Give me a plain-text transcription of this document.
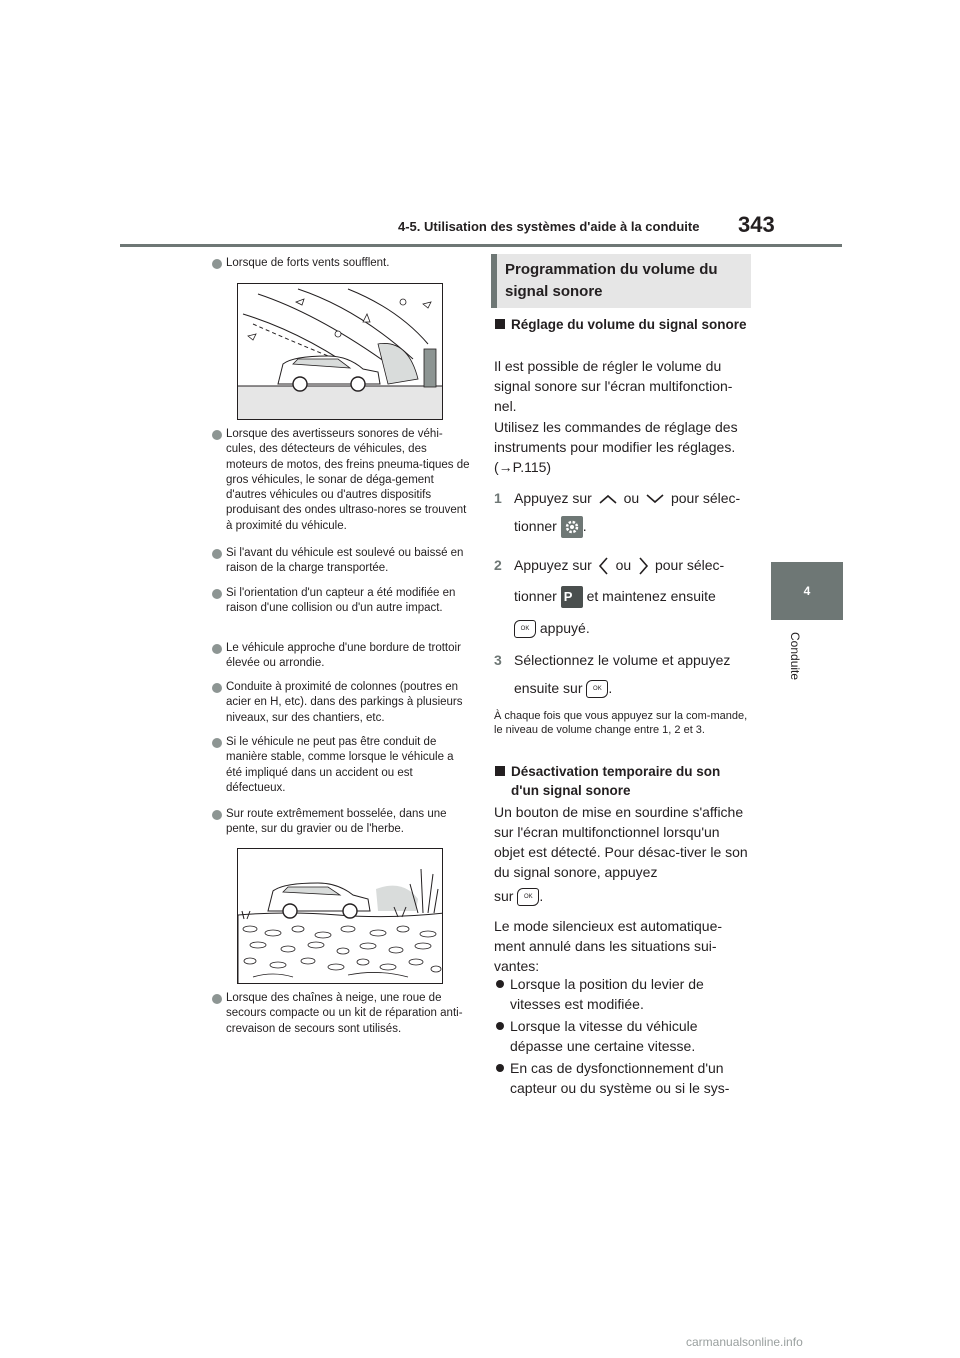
4-5. Utilisation des systèmes d'aide à la conduite 343
4
Conduite
Lorsque de forts vents soufflent.
Lorsque des avertisseurs sonores de véhi-cules, des détecteurs de véhicules, des moteurs de motos, des freins pneuma-tiques de gros véhicules, le sonar de déga-gement d'autres véhicules ou d'autres dispositifs produisant des ondes ultraso-nores se trouvent à proximité du véhicule.
Si l'avant du véhicule est soulevé ou baissé en raison de la charge transportée.
Si l'orientation d'un capteur a été modifiée en raison d'une collision ou d'un autre impact.
Le véhicule approche d'une bordure de trottoir élevée ou arrondie.
Conduite à proximité de colonnes (poutres en acier en H, etc). dans des parkings à plusieurs niveaux, sur des chantiers, etc.
Si le véhicule ne peut pas être conduit de manière stable, comme lorsque le véhicule a été impliqué dans un accident ou est défectueux.
Sur route extrêmement bosselée, dans une pente, sur du gravier ou de l'herbe.
Lorsque des chaînes à neige, une roue de secours compacte ou un kit de réparation anti-crevaison de secours sont utilisés.
Programmation du volume du
signal sonore
Réglage du volume du signal sonore
Il est possible de régler le volume du signal sonore sur l'écran multifonction-nel.
Utilisez les commandes de réglage des instruments pour modifier les réglages. (→P.115)
1 Appuyez sur ou pour sélec-
tionner .
2 Appuyez sur ou pour sélec-
tionner P et maintenez ensuite
OK appuyé.
3 Sélectionnez le volume et appuyez
ensuite sur OK .
À chaque fois que vous appuyez sur la com-mande, le niveau de volume change entre 1, 2 et 3.
Désactivation temporaire du son d'un signal sonore
Un bouton de mise en sourdine s'affiche sur l'écran multifonctionnel lorsqu'un objet est détecté. Pour désac-tiver le son du signal sonore, appuyez
sur OK .
Le mode silencieux est automatique-ment annulé dans les situations sui-vantes:
Lorsque la position du levier de vitesses est modifiée.
Lorsque la vitesse du véhicule dépasse une certaine vitesse.
En cas de dysfonctionnement d'un capteur ou du système ou si le sys-
carmanualsonline.info
